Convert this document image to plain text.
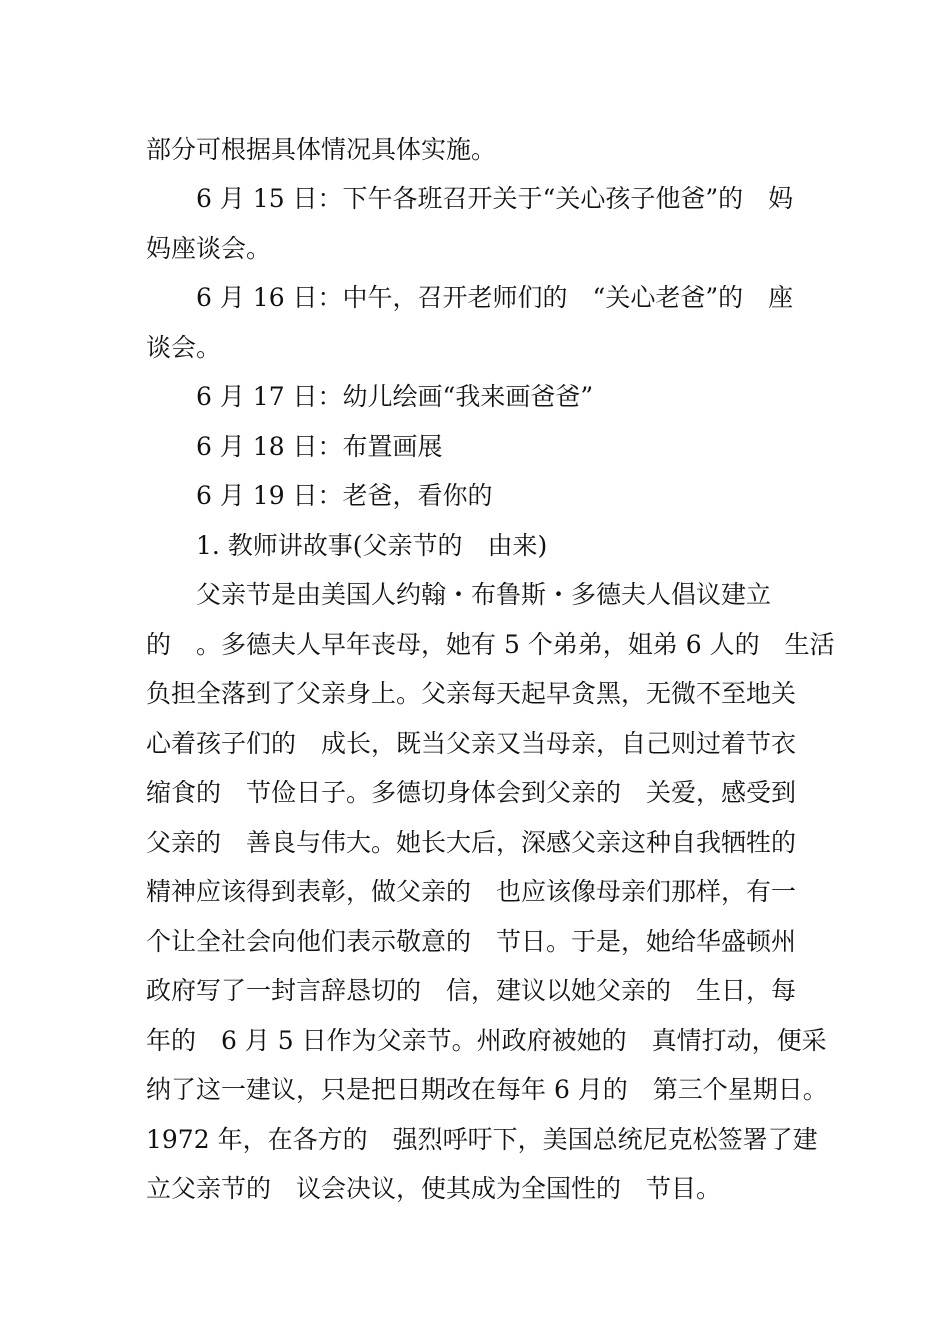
部分可根据具体情况具体实施。
6 月 15 日：下午各班召开关于“关心孩子他爸”的　妈
妈座谈会。
6 月 16 日：中午，召开老师们的　“关心老爸”的　座
谈会。
6 月 17 日：幼儿绘画“我来画爸爸”
6 月 18 日：布置画展
6 月 19 日：老爸，看你的
1. 教师讲故事(父亲节的　由来)
父亲节是由美国人约翰・布鲁斯・多德夫人倡议建立
的　。多德夫人早年丧母，她有 5 个弟弟，姐弟 6 人的　生活
负担全落到了父亲身上。父亲每天起早贪黑，无微不至地关
心着孩子们的　成长，既当父亲又当母亲，自己则过着节衣
缩食的　节俭日子。多德切身体会到父亲的　关爱，感受到
父亲的　善良与伟大。她长大后，深感父亲这种自我牺牲的
精神应该得到表彰，做父亲的　也应该像母亲们那样，有一
个让全社会向他们表示敬意的　节日。于是，她给华盛顿州
政府写了一封言辞恳切的　信，建议以她父亲的　生日，每
年的　6 月 5 日作为父亲节。州政府被她的　真情打动，便采
纳了这一建议，只是把日期改在每年 6 月的　第三个星期日。
1972 年，在各方的　强烈呼吁下，美国总统尼克松签署了建
立父亲节的　议会决议，使其成为全国性的　节目。
